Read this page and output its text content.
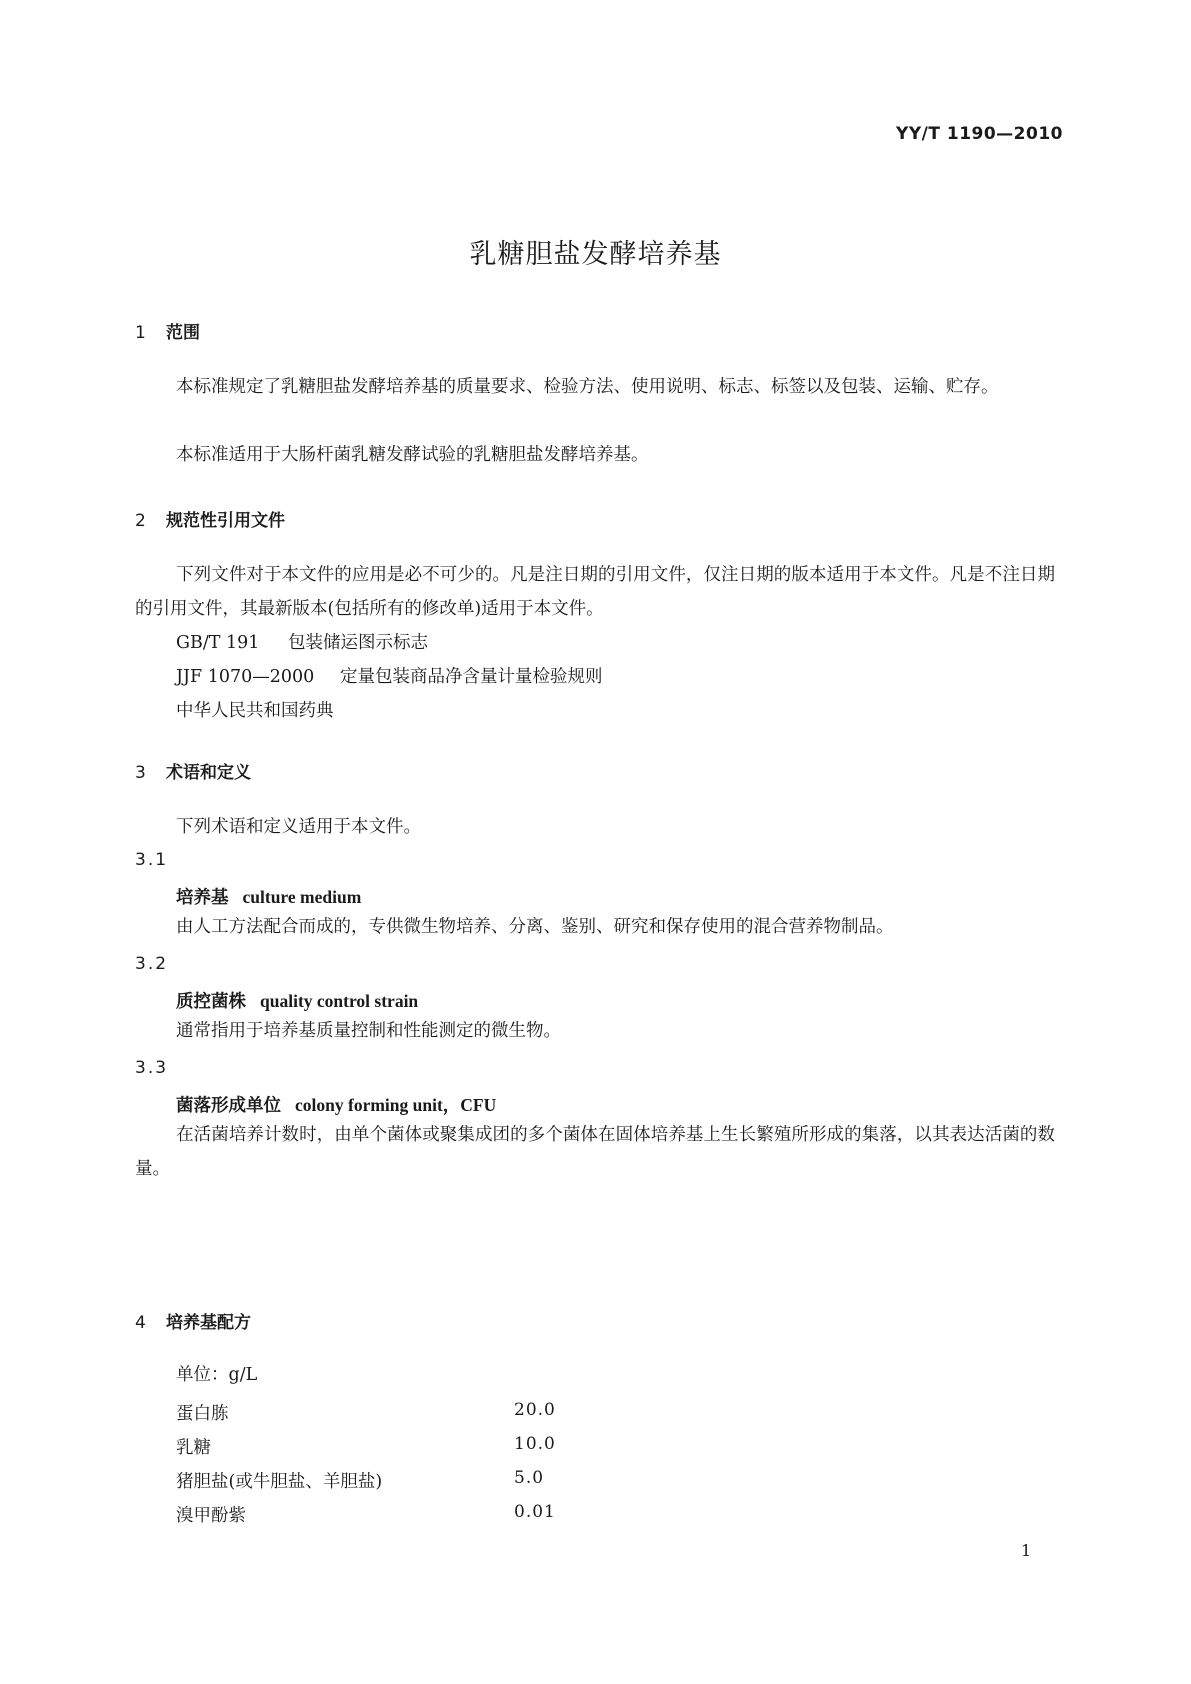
YY/T 1190—2010
乳糖胆盐发酵培养基
1 范围
本标准规定了乳糖胆盐发酵培养基的质量要求、检验方法、使用说明、标志、标签以及包装、运输、贮存。
本标准适用于大肠杆菌乳糖发酵试验的乳糖胆盐发酵培养基。
2 规范性引用文件
下列文件对于本文件的应用是必不可少的。凡是注日期的引用文件，仅注日期的版本适用于本文件。凡是不注日期的引用文件，其最新版本(包括所有的修改单)适用于本文件。
GB/T 191 包装储运图示标志
JJF 1070—2000 定量包装商品净含量计量检验规则
中华人民共和国药典
3 术语和定义
下列术语和定义适用于本文件。
3.1
培养基 culture medium
由人工方法配合而成的，专供微生物培养、分离、鉴别、研究和保存使用的混合营养物制品。
3.2
质控菌株 quality control strain
通常指用于培养基质量控制和性能测定的微生物。
3.3
菌落形成单位 colony forming unit，CFU
在活菌培养计数时，由单个菌体或聚集成团的多个菌体在固体培养基上生长繁殖所形成的集落，以其表达活菌的数量。
4 培养基配方
单位：g/L
蛋白胨	20.0
乳糖	10.0
猪胆盐(或牛胆盐、羊胆盐)	5.0
溴甲酚紫	0.01
1
